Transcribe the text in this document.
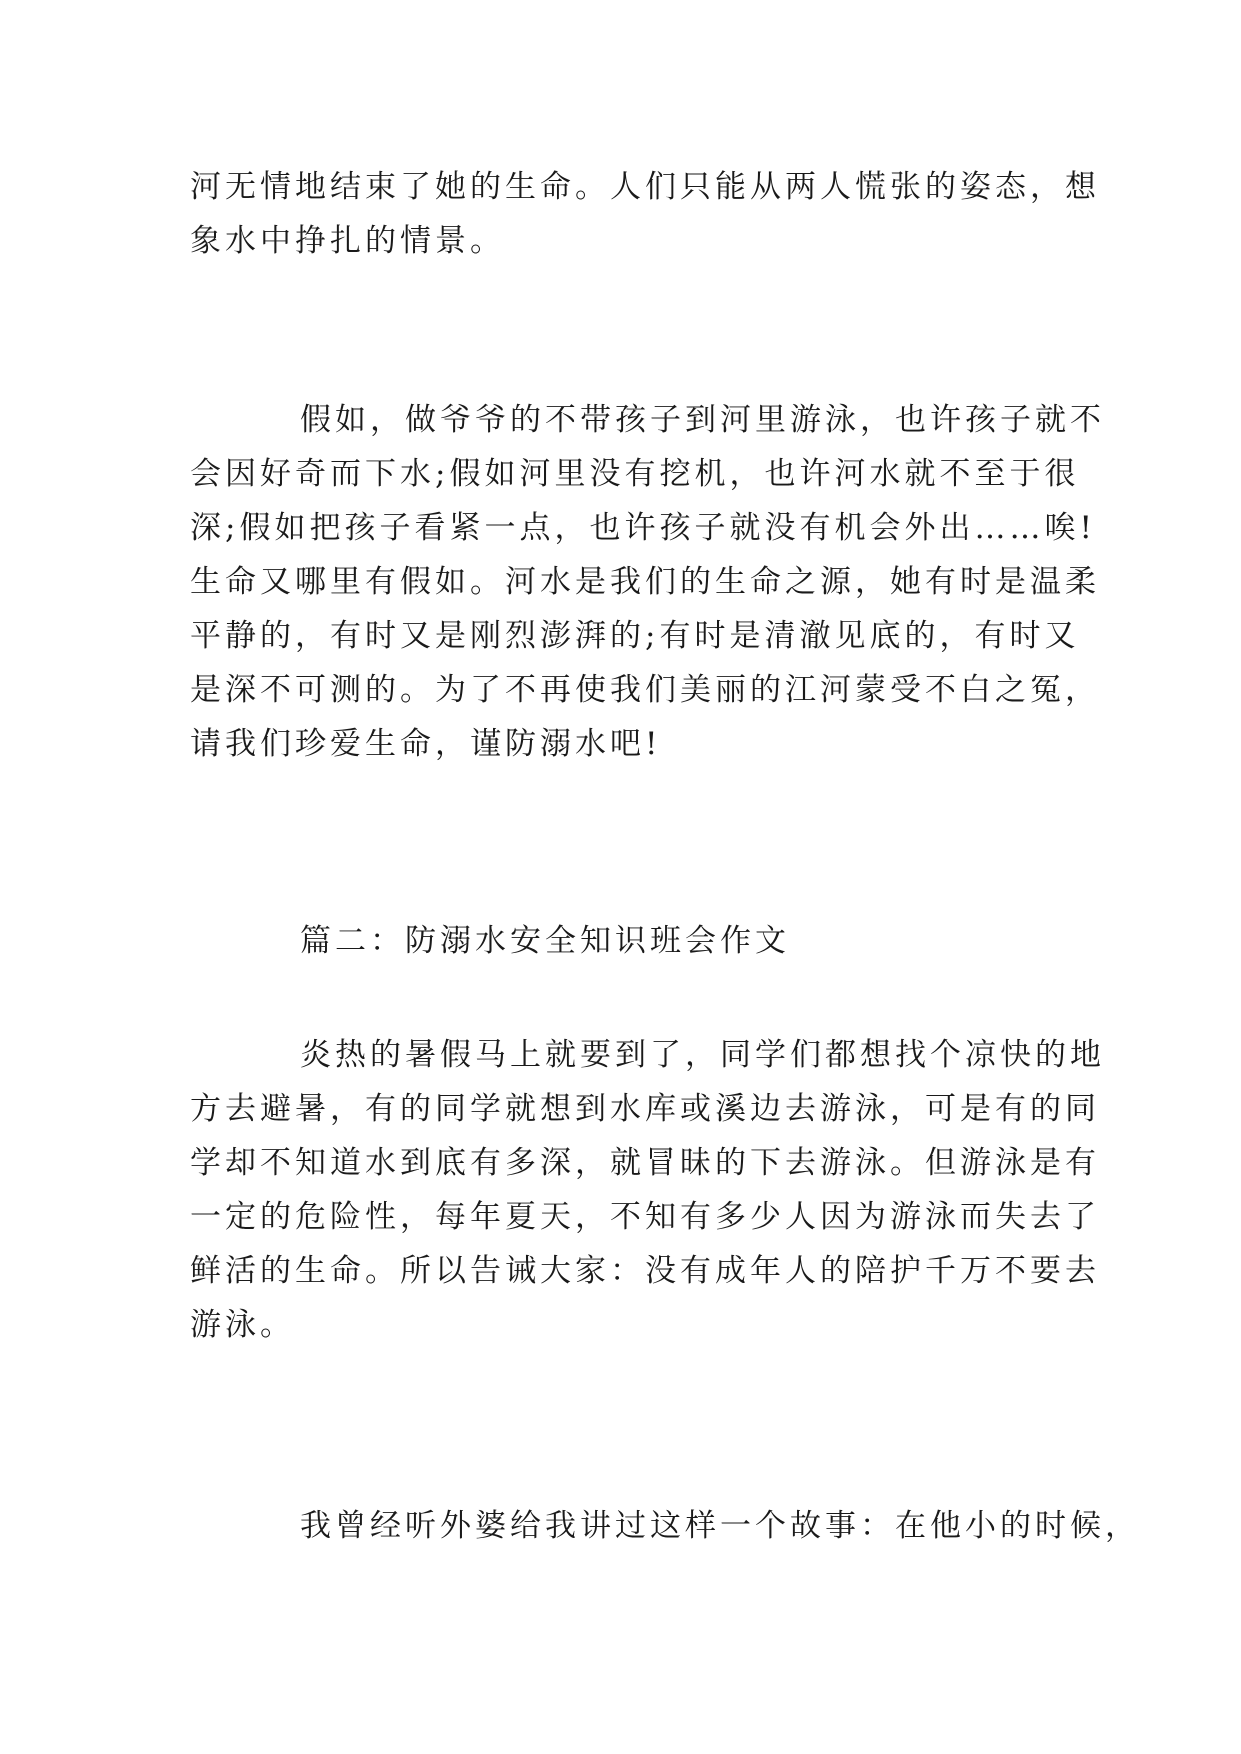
河无情地结束了她的生命。人们只能从两人慌张的姿态，想
象水中挣扎的情景。
假如，做爷爷的不带孩子到河里游泳，也许孩子就不
会因好奇而下水;假如河里没有挖机，也许河水就不至于很
深;假如把孩子看紧一点，也许孩子就没有机会外出……唉!
生命又哪里有假如。河水是我们的生命之源，她有时是温柔
平静的，有时又是刚烈澎湃的;有时是清澈见底的，有时又
是深不可测的。为了不再使我们美丽的江河蒙受不白之冤，
请我们珍爱生命，谨防溺水吧!
篇二：防溺水安全知识班会作文
炎热的暑假马上就要到了，同学们都想找个凉快的地
方去避暑，有的同学就想到水库或溪边去游泳，可是有的同
学却不知道水到底有多深，就冒昧的下去游泳。但游泳是有
一定的危险性，每年夏天，不知有多少人因为游泳而失去了
鲜活的生命。所以告诫大家：没有成年人的陪护千万不要去
游泳。
我曾经听外婆给我讲过这样一个故事：在他小的时候，
